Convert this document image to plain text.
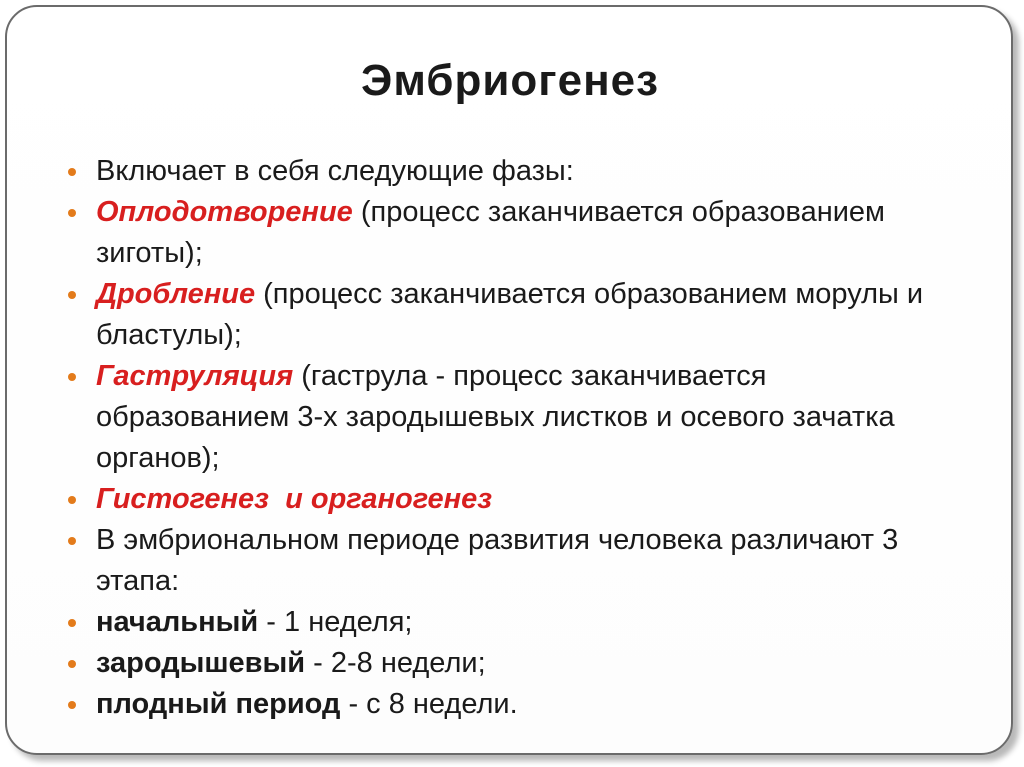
Эмбриогенез
Включает в себя следующие фазы:
Оплодотворение (процесс заканчивается образованием зиготы);
Дробление (процесс заканчивается образованием морулы и бластулы);
Гаструляция (гаструла - процесс заканчивается образованием 3-х зародышевых листков и осевого зачатка органов);
Гистогенез  и органогенез
В эмбриональном периоде развития человека различают 3 этапа:
начальный - 1 неделя;
зародышевый - 2-8 недели;
плодный период - с 8 недели.
